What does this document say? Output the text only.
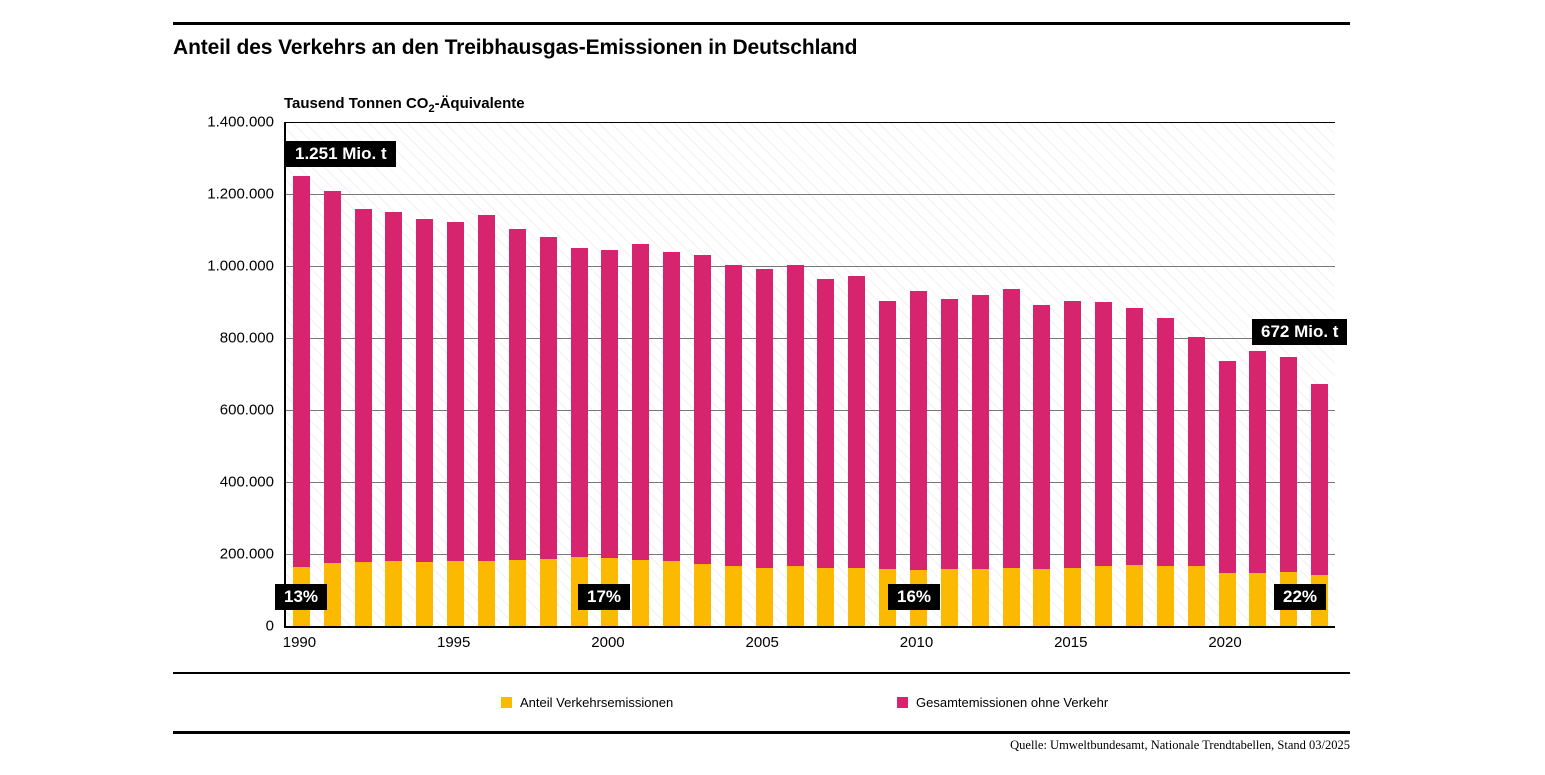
Anteil des Verkehrs an den Treibhausgas-Emissionen in Deutschland
Tausend Tonnen $CO_2$-Äquivalente
0
200.000
400.000
600.000
800.000
1.000.000
1.200.000
1.400.000
1.251 Mio. t
672 Mio. t
13%	17%	16%	22%
Anteil Verkehrsemissionen	Gesamtemissionen ohne Verkehr
Quelle: Umweltbundesamt, Nationale Trendtabellen, Stand 03/2025
1990	1995	2000	2005	2010	2015	2020
